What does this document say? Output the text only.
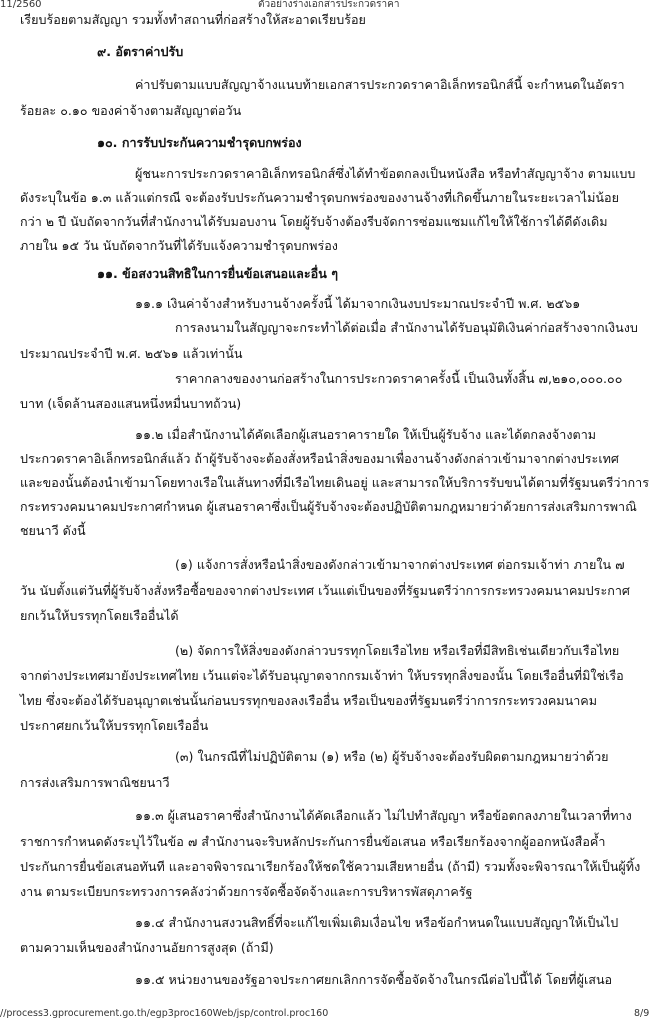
11/2560	ตัวอย่างร่างเอกสารประกวดราคา
เรียบร้อยตามสัญญา รวมทั้งทำสถานที่ก่อสร้างให้สะอาดเรียบร้อย
๙. อัตราค่าปรับ
ค่าปรับตามแบบสัญญาจ้างแนบท้ายเอกสารประกวดราคาอิเล็กทรอนิกส์นี้ จะกำหนดในอัตรา
ร้อยละ ๐.๑๐ ของค่าจ้างตามสัญญาต่อวัน
๑๐. การรับประกันความชำรุดบกพร่อง
ผู้ชนะการประกวดราคาอิเล็กทรอนิกส์ซึ่งได้ทำข้อตกลงเป็นหนังสือ หรือทำสัญญาจ้าง ตามแบบ
ดังระบุในข้อ ๑.๓ แล้วแต่กรณี จะต้องรับประกันความชำรุดบกพร่องของงานจ้างที่เกิดขึ้นภายในระยะเวลาไม่น้อย
กว่า ๒ ปี นับถัดจากวันที่สำนักงานได้รับมอบงาน โดยผู้รับจ้างต้องรีบจัดการซ่อมแซมแก้ไขให้ใช้การได้ดีดังเดิม
ภายใน ๑๕ วัน นับถัดจากวันที่ได้รับแจ้งความชำรุดบกพร่อง
๑๑. ข้อสงวนสิทธิในการยื่นข้อเสนอและอื่น ๆ
๑๑.๑ เงินค่าจ้างสำหรับงานจ้างครั้งนี้ ได้มาจากเงินงบประมาณประจำปี พ.ศ. ๒๕๖๑
การลงนามในสัญญาจะกระทำได้ต่อเมื่อ สำนักงานได้รับอนุมัติเงินค่าก่อสร้างจากเงินงบ
ประมาณประจำปี พ.ศ. ๒๕๖๑ แล้วเท่านั้น
ราคากลางของงานก่อสร้างในการประกวดราคาครั้งนี้ เป็นเงินทั้งสิ้น ๗,๒๑๐,๐๐๐.๐๐
บาท (เจ็ดล้านสองแสนหนึ่งหมื่นบาทถ้วน)
๑๑.๒ เมื่อสำนักงานได้คัดเลือกผู้เสนอราคารายใด ให้เป็นผู้รับจ้าง และได้ตกลงจ้างตาม
ประกวดราคาอิเล็กทรอนิกส์แล้ว ถ้าผู้รับจ้างจะต้องสั่งหรือนำสิ่งของมาเพื่องานจ้างดังกล่าวเข้ามาจากต่างประเทศ
และของนั้นต้องนำเข้ามาโดยทางเรือในเส้นทางที่มีเรือไทยเดินอยู่ และสามารถให้บริการรับขนได้ตามที่รัฐมนตรีว่าการ
กระทรวงคมนาคมประกาศกำหนด ผู้เสนอราคาซึ่งเป็นผู้รับจ้างจะต้องปฏิบัติตามกฎหมายว่าด้วยการส่งเสริมการพาณิ
ชยนาวี ดังนี้
(๑) แจ้งการสั่งหรือนำสิ่งของดังกล่าวเข้ามาจากต่างประเทศ ต่อกรมเจ้าท่า ภายใน ๗
วัน นับตั้งแต่วันที่ผู้รับจ้างสั่งหรือซื้อของจากต่างประเทศ เว้นแต่เป็นของที่รัฐมนตรีว่าการกระทรวงคมนาคมประกาศ
ยกเว้นให้บรรทุกโดยเรืออื่นได้
(๒) จัดการให้สิ่งของดังกล่าวบรรทุกโดยเรือไทย หรือเรือที่มีสิทธิเช่นเดียวกับเรือไทย
จากต่างประเทศมายังประเทศไทย เว้นแต่จะได้รับอนุญาตจากกรมเจ้าท่า ให้บรรทุกสิ่งของนั้น โดยเรืออื่นที่มิใช่เรือ
ไทย ซึ่งจะต้องได้รับอนุญาตเช่นนั้นก่อนบรรทุกของลงเรืออื่น หรือเป็นของที่รัฐมนตรีว่าการกระทรวงคมนาคม
ประกาศยกเว้นให้บรรทุกโดยเรืออื่น
(๓) ในกรณีที่ไม่ปฏิบัติตาม (๑) หรือ (๒) ผู้รับจ้างจะต้องรับผิดตามกฎหมายว่าด้วย
การส่งเสริมการพาณิชยนาวี
๑๑.๓ ผู้เสนอราคาซึ่งสำนักงานได้คัดเลือกแล้ว ไม่ไปทำสัญญา หรือข้อตกลงภายในเวลาที่ทาง
ราชการกำหนดดังระบุไว้ในข้อ ๗ สำนักงานจะริบหลักประกันการยื่นข้อเสนอ หรือเรียกร้องจากผู้ออกหนังสือค้ำ
ประกันการยื่นข้อเสนอทันที และอาจพิจารณาเรียกร้องให้ชดใช้ความเสียหายอื่น (ถ้ามี) รวมทั้งจะพิจารณาให้เป็นผู้ทิ้ง
งาน ตามระเบียบกระทรวงการคลังว่าด้วยการจัดซื้อจัดจ้างและการบริหารพัสดุภาครัฐ
๑๑.๔ สำนักงานสงวนสิทธิ์ที่จะแก้ไขเพิ่มเติมเงื่อนไข หรือข้อกำหนดในแบบสัญญาให้เป็นไป
ตามความเห็นของสำนักงานอัยการสูงสุด (ถ้ามี)
๑๑.๕ หน่วยงานของรัฐอาจประกาศยกเลิกการจัดซื้อจัดจ้างในกรณีต่อไปนี้ได้ โดยที่ผู้เสนอ
//process3.gprocurement.go.th/egp3proc160Web/jsp/control.proc160	8/9
